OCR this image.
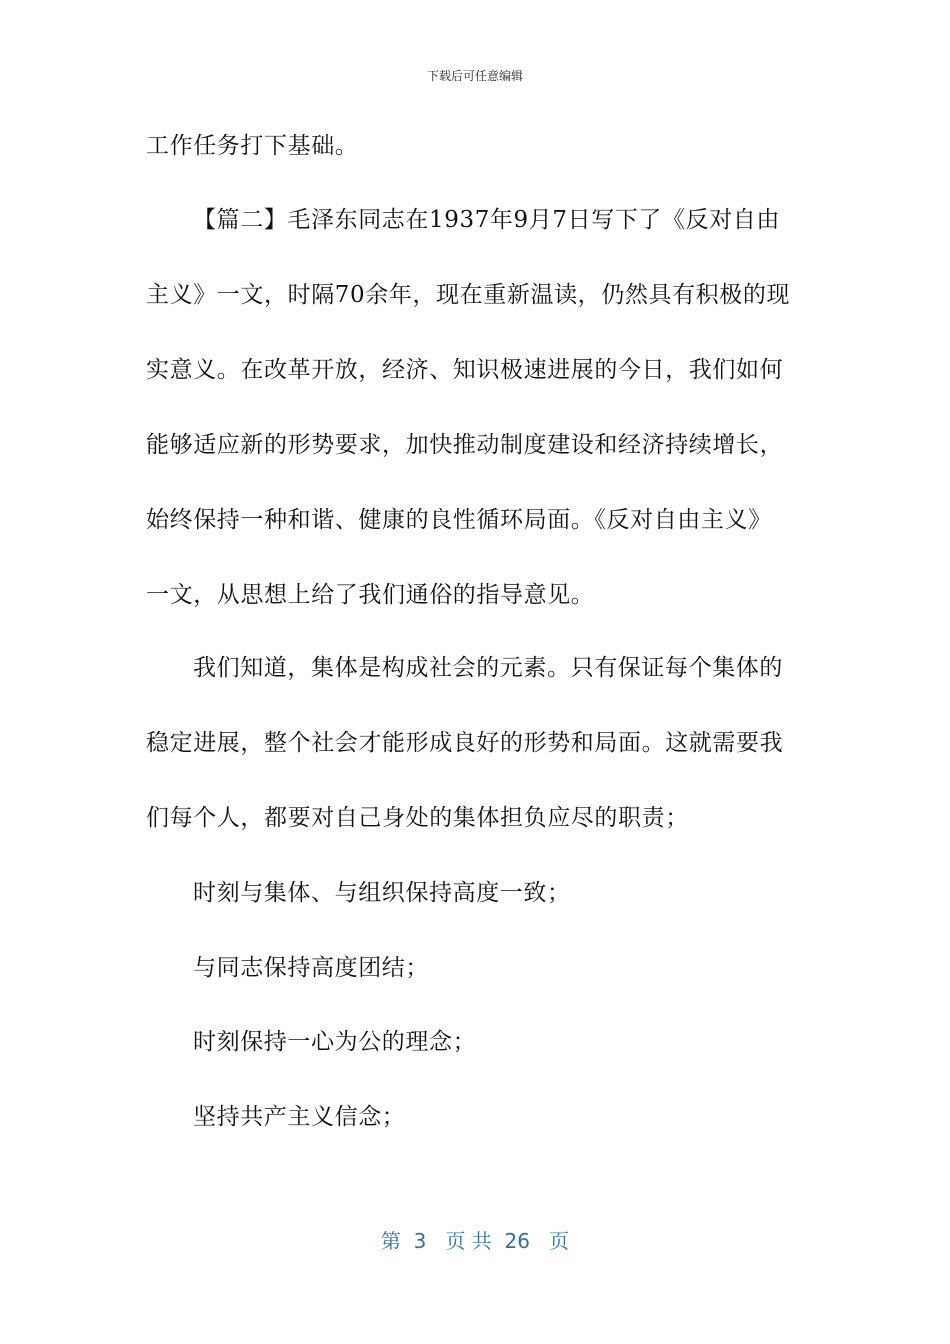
下载后可任意编辑
工作任务打下基础。
【篇二】毛泽东同志在1937年9月7日写下了《反对自由
主义》一文，时隔70余年，现在重新温读，仍然具有积极的现
实意义。在改革开放，经济、知识极速进展的今日，我们如何
能够适应新的形势要求，加快推动制度建设和经济持续增长，
始终保持一种和谐、健康的良性循环局面。《反对自由主义》
一文，从思想上给了我们通俗的指导意见。
我们知道，集体是构成社会的元素。只有保证每个集体的
稳定进展，整个社会才能形成良好的形势和局面。这就需要我
们每个人，都要对自己身处的集体担负应尽的职责；
时刻与集体、与组织保持高度一致；
与同志保持高度团结；
时刻保持一心为公的理念；
坚持共产主义信念；
第 3 页 共 26 页
